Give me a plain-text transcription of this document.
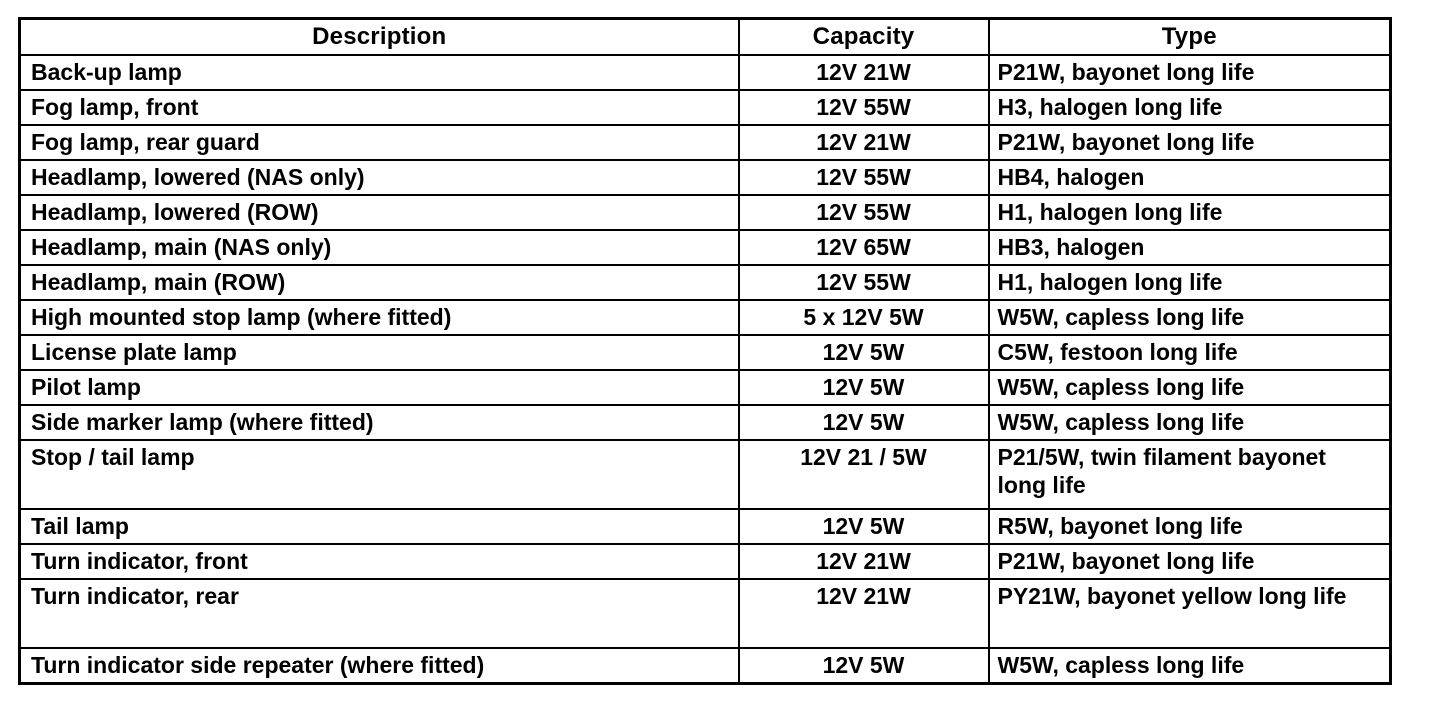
Description	Capacity	Type
Back-up lamp	12V 21W	P21W, bayonet long life
Fog lamp, front	12V 55W	H3, halogen long life
Fog lamp, rear guard	12V 21W	P21W, bayonet long life
Headlamp, lowered (NAS only)	12V 55W	HB4, halogen
Headlamp, lowered (ROW)	12V 55W	H1, halogen long life
Headlamp, main (NAS only)	12V 65W	HB3, halogen
Headlamp, main (ROW)	12V 55W	H1, halogen long life
High mounted stop lamp (where fitted)	5 x 12V 5W	W5W, capless long life
License plate lamp	12V 5W	C5W, festoon long life
Pilot lamp	12V 5W	W5W, capless long life
Side marker lamp (where fitted)	12V 5W	W5W, capless long life
Stop / tail lamp	12V 21 / 5W	P21/5W, twin filament bayonet long life
Tail lamp	12V 5W	R5W, bayonet long life
Turn indicator, front	12V 21W	P21W, bayonet long life
Turn indicator, rear	12V 21W	PY21W, bayonet yellow long life
Turn indicator side repeater (where fitted)	12V 5W	W5W, capless long life
